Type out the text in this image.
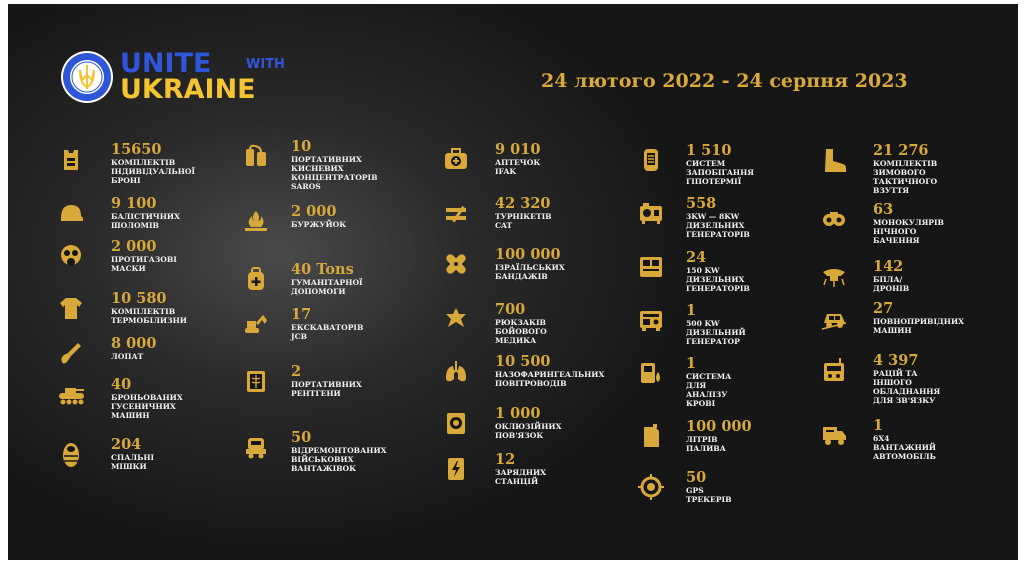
UNITE	WITH
UKRAINE	24 лютого 2022 - 24 серпня 2023
15650
КОМПЛЕКТІВ
ІНДИВІДУАЛЬНОЇ
БРОНІ
9 100
БАЛІСТИЧНИХ
ШОЛОМІВ
2 000
ПРОТИГАЗОВІ
МАСКИ
10 580
КОМПЛЕКТІВ
ТЕРМОБІЛИЗНИ
8 000
ЛОПАТ
40
БРОНЬОВАНИХ
ГУСЕНИЧНИХ
МАШИН
204
СПАЛЬНІ
МІШКИ
10
ПОРТАТИВНИХ
КИСНЕВИХ
КОНЦЕНТРАТОРІВ
SAROS
2 000
БУРЖУЙОК
40 Tons
ГУМАНІТАРНОЇ
ДОПОМОГИ
17
ЕКСКАВАТОРІВ
JCB
2
ПОРТАТИВНИХ
РЕНТГЕНИ
50
ВІДРЕМОНТОВАНИХ
ВІЙСЬКОВИХ
ВАНТАЖІВОК
9 010
АПТЕЧОК
IFAK
42 320
ТУРНІКЕТІВ
CAT
100 000
ІЗРАЇЛЬСЬКИХ
БАНДАЖІВ
700
РЮКЗАКІВ
БОЙОВОГО МЕДИКА
10 500
НАЗОФАРИНГЕАЛЬНИХ
ПОВІТРОВОДІВ
1 000
ОКЛЮЗІЙНИХ
ПОВ'ЯЗОК
12
ЗАРЯДНИХ
СТАНЦІЙ
1 510
СИСТЕМ
ЗАПОБІГАННЯ
ГІПОТЕРМІЇ
558
3KW — 8KW
ДИЗЕЛЬНИХ
ГЕНЕРАТОРІВ
24
150 KW
ДИЗЕЛЬНИХ
ГЕНЕРАТОРІВ
1
500 KW
ДИЗЕЛЬНИЙ
ГЕНЕРАТОР
1
СИСТЕМА
ДЛЯ АНАЛІЗУ
КРОВІ
100 000
ЛІТРІВ ПАЛИВА
50
GPS ТРЕКЕРІВ
21 276
КОМПЛЕКТІВ
ЗИМОВОГО
ТАКТИЧНОГО
ВЗУТТЯ
63
МОНОКУЛЯРІВ
НІЧНОГО
БАЧЕННЯ
142
БПЛА/ДРОНІВ
27
ПОВНОПРИВІДНИХ
МАШИН
4 397
РАЦІЙ ТА ІНШОГО
ОБЛАДНАННЯ
ДЛЯ ЗВ'ЯЗКУ
1
6X4 ВАНТАЖНИЙ
АВТОМОБІЛЬ
